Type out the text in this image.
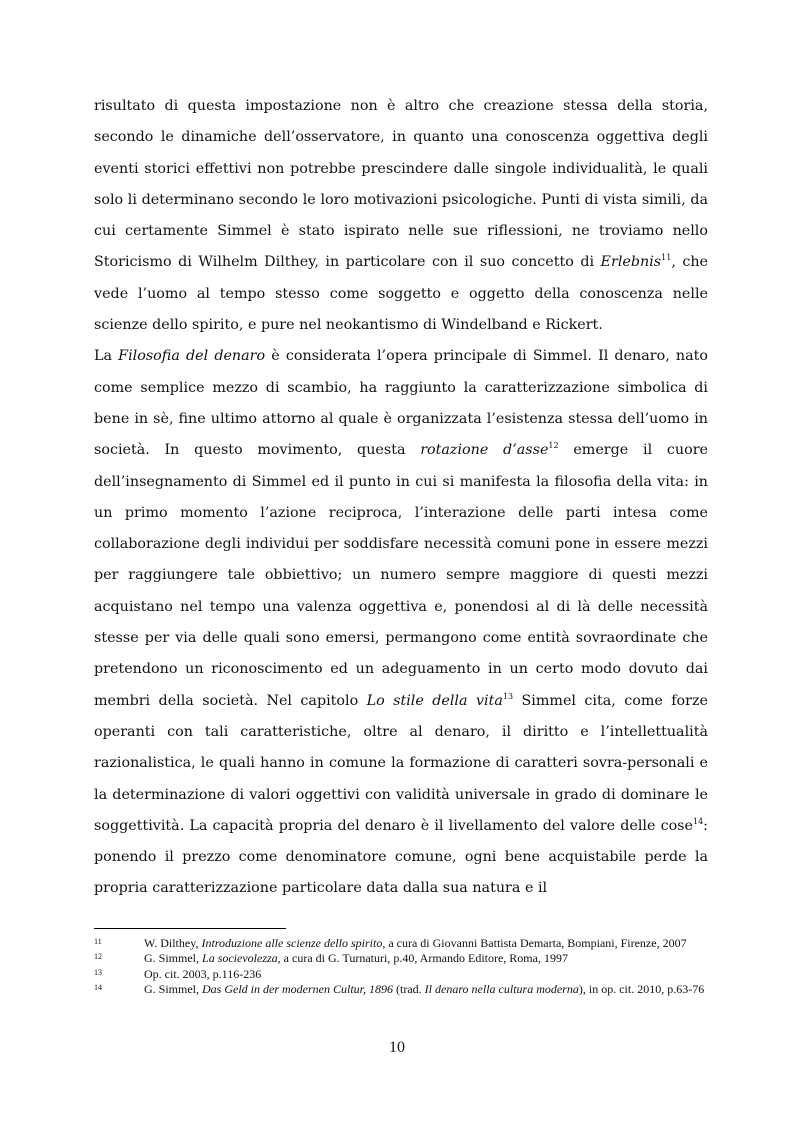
risultato di questa impostazione non è altro che creazione stessa della storia, secondo le dinamiche dell’osservatore, in quanto una conoscenza oggettiva degli eventi storici effettivi non potrebbe prescindere dalle singole individualità, le quali solo li determinano secondo le loro motivazioni psicologiche. Punti di vista simili, da cui certamente Simmel è stato ispirato nelle sue riflessioni, ne troviamo nello Storicismo di Wilhelm Dilthey, in particolare con il suo concetto di Erlebnis$^{11}$, che vede l’uomo al tempo stesso come soggetto e oggetto della conoscenza nelle scienze dello spirito, e pure nel neokantismo di Windelband e Rickert.

La Filosofia del denaro è considerata l’opera principale di Simmel. Il denaro, nato come semplice mezzo di scambio, ha raggiunto la caratterizzazione simbolica di bene in sè, fine ultimo attorno al quale è organizzata l’esistenza stessa dell’uomo in società. In questo movimento, questa rotazione d’asse$^{12}$ emerge il cuore dell’insegnamento di Simmel ed il punto in cui si manifesta la filosofia della vita: in un primo momento l’azione reciproca, l’interazione delle parti intesa come collaborazione degli individui per soddisfare necessità comuni pone in essere mezzi per raggiungere tale obbiettivo; un numero sempre maggiore di questi mezzi acquistano nel tempo una valenza oggettiva e, ponendosi al di là delle necessità stesse per via delle quali sono emersi, permangono come entità sovraordinate che pretendono un riconoscimento ed un adeguamento in un certo modo dovuto dai membri della società. Nel capitolo Lo stile della vita$^{13}$ Simmel cita, come forze operanti con tali caratteristiche, oltre al denaro, il diritto e l’intellettualità razionalistica, le quali hanno in comune la formazione di caratteri sovra-personali e la determinazione di valori oggettivi con validità universale in grado di dominare le soggettività. La capacità propria del denaro è il livellamento del valore delle cose$^{14}$: ponendo il prezzo come denominatore comune, ogni bene acquistabile perde la propria caratterizzazione particolare data dalla sua natura e il

11	W. Dilthey, Introduzione alle scienze dello spirito, a cura di Giovanni Battista Demarta, Bompiani, Firenze, 2007

12	G. Simmel, La socievolezza, a cura di G. Turnaturi, p.40, Armando Editore, Roma, 1997

13	Op. cit. 2003, p.116-236

14	G. Simmel, Das Geld in der modernen Cultur, 1896 (trad. Il denaro nella cultura moderna), in op. cit. 2010, p.63-76

10
